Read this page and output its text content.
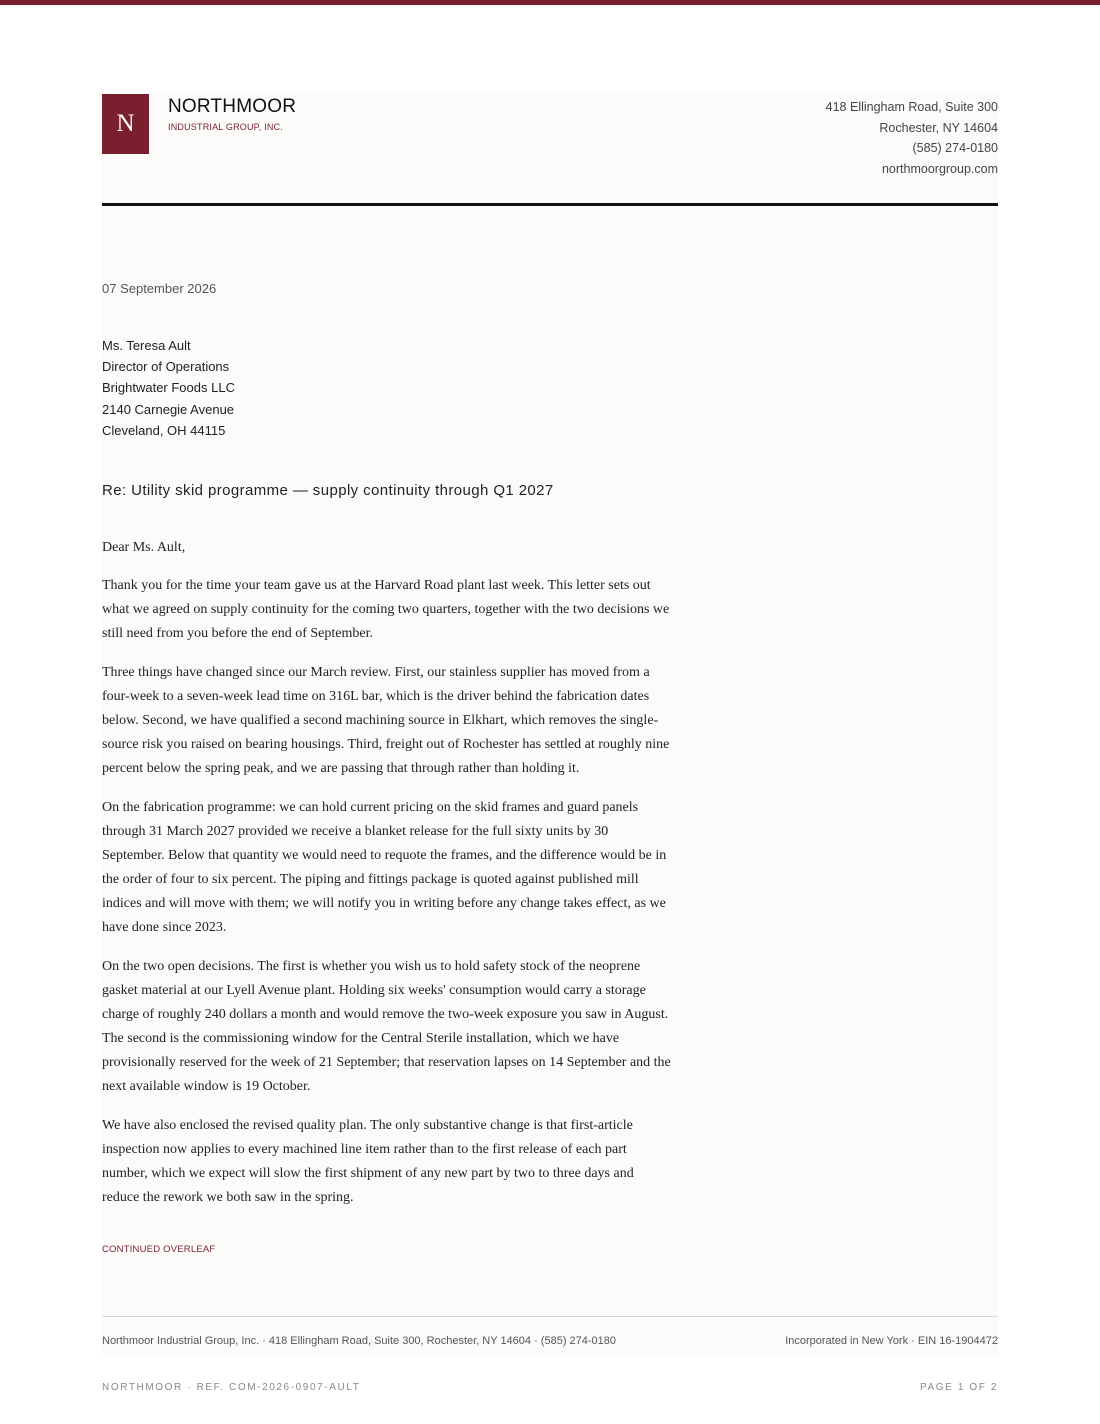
N
NORTHMOOR
INDUSTRIAL GROUP, INC.
418 Ellingham Road, Suite 300
Rochester, NY 14604
(585) 274-0180
northmoorgroup.com
07 September 2026
Ms. Teresa Ault
Director of Operations
Brightwater Foods LLC
2140 Carnegie Avenue
Cleveland, OH 44115
Re: Utility skid programme — supply continuity through Q1 2027

Dear Ms. Ault,

Thank you for the time your team gave us at the Harvard Road plant last week. This letter sets out what we agreed on supply continuity for the coming two quarters, together with the two decisions we still need from you before the end of September.

Three things have changed since our March review. First, our stainless supplier has moved from a four-week to a seven-week lead time on 316L bar, which is the driver behind the fabrication dates below. Second, we have qualified a second machining source in Elkhart, which removes the single-source risk you raised on bearing housings. Third, freight out of Rochester has settled at roughly nine percent below the spring peak, and we are passing that through rather than holding it.

On the fabrication programme: we can hold current pricing on the skid frames and guard panels through 31 March 2027 provided we receive a blanket release for the full sixty units by 30 September. Below that quantity we would need to requote the frames, and the difference would be in the order of four to six percent. The piping and fittings package is quoted against published mill indices and will move with them; we will notify you in writing before any change takes effect, as we have done since 2023.

On the two open decisions. The first is whether you wish us to hold safety stock of the neoprene gasket material at our Lyell Avenue plant. Holding six weeks' consumption would carry a storage charge of roughly 240 dollars a month and would remove the two-week exposure you saw in August. The second is the commissioning window for the Central Sterile installation, which we have provisionally reserved for the week of 21 September; that reservation lapses on 14 September and the next available window is 19 October.

We have also enclosed the revised quality plan. The only substantive change is that first-article inspection now applies to every machined line item rather than to the first release of each part number, which we expect will slow the first shipment of any new part by two to three days and reduce the rework we both saw in the spring.

CONTINUED OVERLEAF
Northmoor Industrial Group, Inc. · 418 Ellingham Road, Suite 300, Rochester, NY 14604 · (585) 274-0180	Incorporated in New York · EIN 16-1904472
NORTHMOOR · REF. COM-2026-0907-AULT	PAGE 1 OF 2
